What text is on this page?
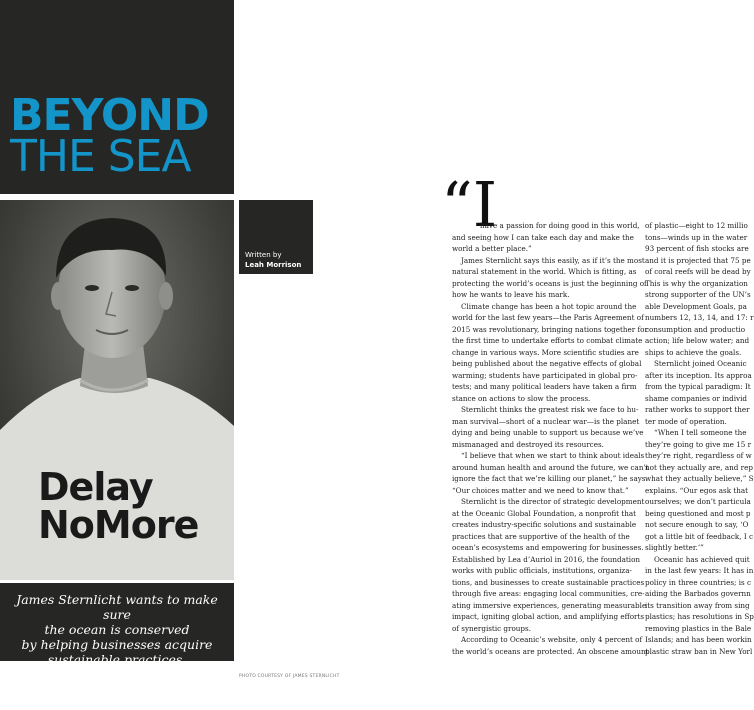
BEYOND
THE SEA
Delay
NoMore
Written by
Leah Morrison
James Sternlicht wants to make sure
the ocean is conserved
by helping businesses acquire
sustainable practices.
PHOTO COURTESY OF JAMES STERNLICHT
“I
have a passion for doing good in this world,
and seeing how I can take each day and make the
world a better place.”
James Sternlicht says this easily, as if it’s the most
natural statement in the world. Which is fitting, as
protecting the world’s oceans is just the beginning of
how he wants to leave his mark.
Climate change has been a hot topic around the
world for the last few years—the Paris Agreement of
2015 was revolutionary, bringing nations together for
the first time to undertake efforts to combat climate
change in various ways. More scientific studies are
being published about the negative effects of global
warming; students have participated in global pro-
tests; and many political leaders have taken a firm
stance on actions to slow the process.
Sternlicht thinks the greatest risk we face to hu-
man survival—short of a nuclear war—is the planet
dying and being unable to support us because we’ve
mismanaged and destroyed its resources.
“I believe that when we start to think about ideals
around human health and around the future, we can’t
ignore the fact that we’re killing our planet,” he says.
“Our choices matter and we need to know that.”
Sternlicht is the director of strategic development
at the Oceanic Global Foundation, a nonprofit that
creates industry-specific solutions and sustainable
practices that are supportive of the health of the
ocean’s ecosystems and empowering for businesses.
Established by Lea d’Auriol in 2016, the foundation
works with public officials, institutions, organiza-
tions, and businesses to create sustainable practices
through five areas: engaging local communities, cre-
ating immersive experiences, generating measurable
impact, igniting global action, and amplifying efforts
of synergistic groups.
According to Oceanic’s website, only 4 percent of
the world’s oceans are protected. An obscene amount
of plastic—eight to 12 millio
tons—winds up in the water
93 percent of fish stocks are
and it is projected that 75 pe
of coral reefs will be dead by
This is why the organization
strong supporter of the UN’s
able Development Goals, pa
numbers 12, 13, 14, and 17: r
consumption and productio
action; life below water; and
ships to achieve the goals.
Sternlicht joined Oceanic
after its inception. Its approa
from the typical paradigm: It
shame companies or individ
rather works to support ther
ter mode of operation.
“When I tell someone the
they’re going to give me 15 r
they’re right, regardless of w
not they actually are, and rep
what they actually believe,” S
explains. “Our egos ask that
ourselves; we don’t particula
being questioned and most p
not secure enough to say, ‘O
got a little bit of feedback, I c
slightly better.’”
Oceanic has achieved quit
in the last few years: It has in
policy in three countries; is c
aiding the Barbados governn
its transition away from sing
plastics; has resolutions in Sp
removing plastics in the Bale
Islands; and has been workin
plastic straw ban in New Yorl
